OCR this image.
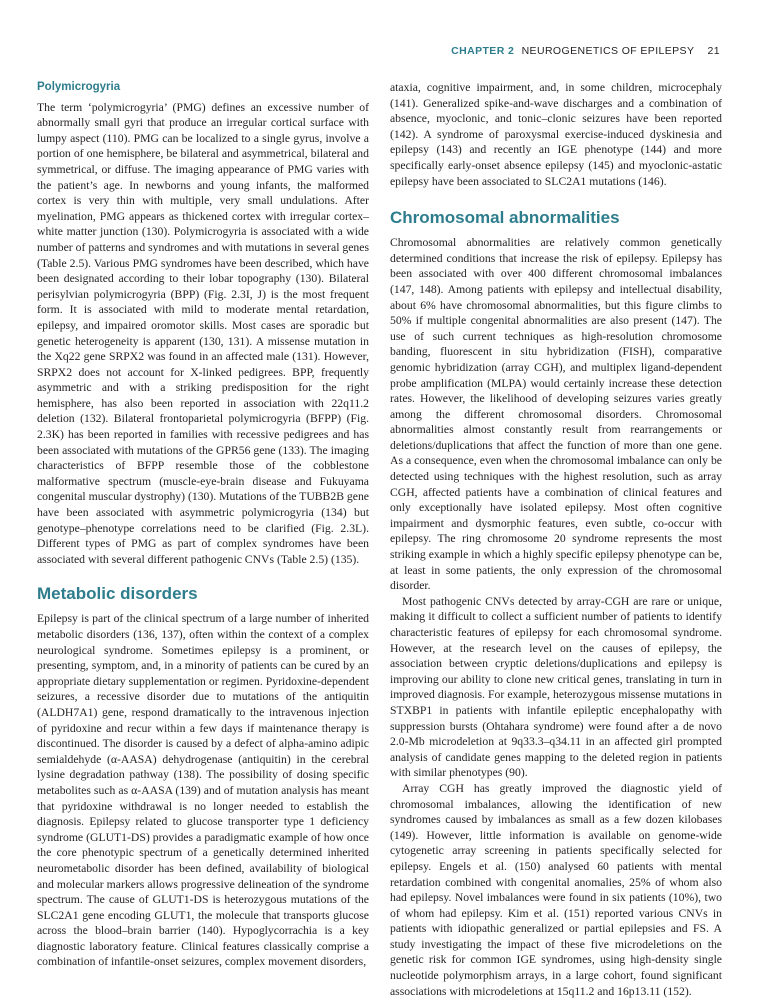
CHAPTER 2 NEUROGENETICS OF EPILEPSY 21
Polymicrogyria

The term ‘polymicrogyria’ (PMG) defines an excessive number of abnormally small gyri that produce an irregular cortical surface with lumpy aspect (110). PMG can be localized to a single gyrus, involve a portion of one hemisphere, be bilateral and asymmetrical, bilateral and symmetrical, or diffuse. The imaging appearance of PMG varies with the patient’s age. In newborns and young infants, the malformed cortex is very thin with multiple, very small undulations. After myelination, PMG appears as thickened cortex with irregular cortex–white matter junction (130). Polymicrogyria is associated with a wide number of patterns and syndromes and with mutations in several genes (Table 2.5). Various PMG syndromes have been described, which have been designated according to their lobar topography (130). Bilateral perisylvian polymicrogyria (BPP) (Fig. 2.3I, J) is the most frequent form. It is associated with mild to moderate mental retardation, epilepsy, and impaired oromotor skills. Most cases are sporadic but genetic heterogeneity is apparent (130, 131). A missense mutation in the Xq22 gene SRPX2 was found in an affected male (131). However, SRPX2 does not account for X-linked pedigrees. BPP, frequently asymmetric and with a striking predisposition for the right hemisphere, has also been reported in association with 22q11.2 deletion (132). Bilateral frontoparietal polymicrogyria (BFPP) (Fig. 2.3K) has been reported in families with recessive pedigrees and has been associated with mutations of the GPR56 gene (133). The imaging characteristics of BFPP resemble those of the cobblestone malformative spectrum (muscle-eye-brain disease and Fukuyama congenital muscular dystrophy) (130). Mutations of the TUBB2B gene have been associated with asymmetric polymicrogyria (134) but genotype–phenotype correlations need to be clarified (Fig. 2.3L). Different types of PMG as part of complex syndromes have been associated with several different pathogenic CNVs (Table 2.5) (135).

Metabolic disorders

Epilepsy is part of the clinical spectrum of a large number of inherited metabolic disorders (136, 137), often within the context of a complex neurological syndrome. Sometimes epilepsy is a prominent, or presenting, symptom, and, in a minority of patients can be cured by an appropriate dietary supplementation or regimen. Pyridoxine-dependent seizures, a recessive disorder due to mutations of the antiquitin (ALDH7A1) gene, respond dramatically to the intravenous injection of pyridoxine and recur within a few days if maintenance therapy is discontinued. The disorder is caused by a defect of alpha-amino adipic semialdehyde (α-AASA) dehydrogenase (antiquitin) in the cerebral lysine degradation pathway (138). The possibility of dosing specific metabolites such as α-AASA (139) and of mutation analysis has meant that pyridoxine withdrawal is no longer needed to establish the diagnosis. Epilepsy related to glucose transporter type 1 deficiency syndrome (GLUT1-DS) provides a paradigmatic example of how once the core phenotypic spectrum of a genetically determined inherited neurometabolic disorder has been defined, availability of biological and molecular markers allows progressive delineation of the syndrome spectrum. The cause of GLUT1-DS is heterozygous mutations of the SLC2A1 gene encoding GLUT1, the molecule that transports glucose across the blood–brain barrier (140). Hypoglycorrachia is a key diagnostic laboratory feature. Clinical features classically comprise a combination of infantile-onset seizures, complex movement disorders,

ataxia, cognitive impairment, and, in some children, microcephaly (141). Generalized spike-and-wave discharges and a combination of absence, myoclonic, and tonic–clonic seizures have been reported (142). A syndrome of paroxysmal exercise-induced dyskinesia and epilepsy (143) and recently an IGE phenotype (144) and more specifically early-onset absence epilepsy (145) and myoclonic-astatic epilepsy have been associated to SLC2A1 mutations (146).

Chromosomal abnormalities

Chromosomal abnormalities are relatively common genetically determined conditions that increase the risk of epilepsy. Epilepsy has been associated with over 400 different chromosomal imbalances (147, 148). Among patients with epilepsy and intellectual disability, about 6% have chromosomal abnormalities, but this figure climbs to 50% if multiple congenital abnormalities are also present (147). The use of such current techniques as high-resolution chromosome banding, fluorescent in situ hybridization (FISH), comparative genomic hybridization (array CGH), and multiplex ligand-dependent probe amplification (MLPA) would certainly increase these detection rates. However, the likelihood of developing seizures varies greatly among the different chromosomal disorders. Chromosomal abnormalities almost constantly result from rearrangements or deletions/duplications that affect the function of more than one gene. As a consequence, even when the chromosomal imbalance can only be detected using techniques with the highest resolution, such as array CGH, affected patients have a combination of clinical features and only exceptionally have isolated epilepsy. Most often cognitive impairment and dysmorphic features, even subtle, co-occur with epilepsy. The ring chromosome 20 syndrome represents the most striking example in which a highly specific epilepsy phenotype can be, at least in some patients, the only expression of the chromosomal disorder.

Most pathogenic CNVs detected by array-CGH are rare or unique, making it difficult to collect a sufficient number of patients to identify characteristic features of epilepsy for each chromosomal syndrome. However, at the research level on the causes of epilepsy, the association between cryptic deletions/duplications and epilepsy is improving our ability to clone new critical genes, translating in turn in improved diagnosis. For example, heterozygous missense mutations in STXBP1 in patients with infantile epileptic encephalopathy with suppression bursts (Ohtahara syndrome) were found after a de novo 2.0-Mb microdeletion at 9q33.3–q34.11 in an affected girl prompted analysis of candidate genes mapping to the deleted region in patients with similar phenotypes (90).

Array CGH has greatly improved the diagnostic yield of chromosomal imbalances, allowing the identification of new syndromes caused by imbalances as small as a few dozen kilobases (149). However, little information is available on genome-wide cytogenetic array screening in patients specifically selected for epilepsy. Engels et al. (150) analysed 60 patients with mental retardation combined with congenital anomalies, 25% of whom also had epilepsy. Novel imbalances were found in six patients (10%), two of whom had epilepsy. Kim et al. (151) reported various CNVs in patients with idiopathic generalized or partial epilepsies and FS. A study investigating the impact of these five microdeletions on the genetic risk for common IGE syndromes, using high-density single nucleotide polymorphism arrays, in a large cohort, found significant associations with microdeletions at 15q11.2 and 16p13.11 (152).
